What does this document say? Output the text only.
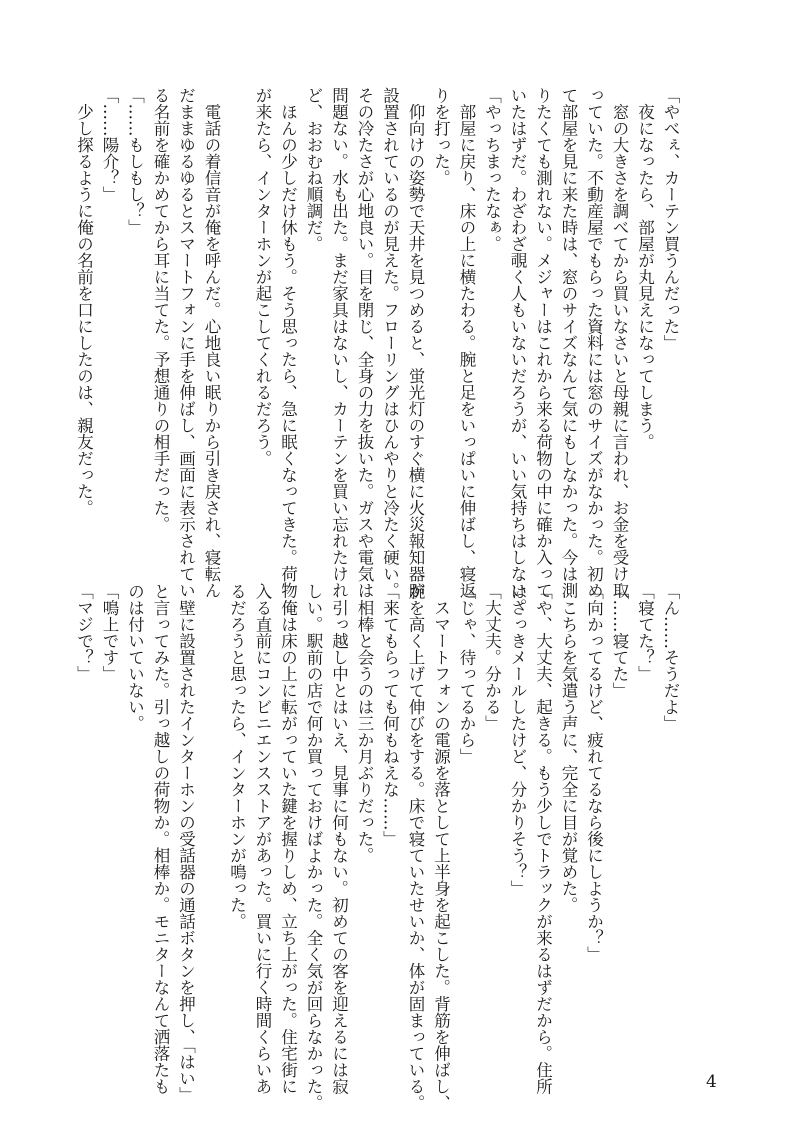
「やべぇ、カーテン買うんだった」
　夜になったら、部屋が丸見えになってしまう。
　窓の大きさを調べてから買いなさいと母親に言われ、お金を受け取
っていた。不動産屋でもらった資料には窓のサイズがなかった。初め
て部屋を見に来た時は、窓のサイズなんて気にもしなかった。今は測
りたくても測れない。メジャーはこれから来る荷物の中に確か入って
いたはずだ。わざわざ覗く人もいないだろうが、いい気持ちはしない。
「やっちまったなぁ。
　部屋に戻り、床の上に横たわる。腕と足をいっぱいに伸ばし、寝返
りを打った。
　仰向けの姿勢で天井を見つめると、蛍光灯のすぐ横に火災報知器が
設置されているのが見えた。フローリングはひんやりと冷たく硬い。
その冷たさが心地良い。目を閉じ、全身の力を抜いた。ガスや電気は
問題ない。水も出た。まだ家具はないし、カーテンを買い忘れたけれ
ど、おおむね順調だ。
　ほんの少しだけ休もう。そう思ったら、急に眠くなってきた。荷物
が来たら、インターホンが起こしてくれるだろう。

　電話の着信音が俺を呼んだ。心地良い眠りから引き戻され、寝転ん
だままゆるゆるとスマートフォンに手を伸ばし、画面に表示されてい
る名前を確かめてから耳に当てた。予想通りの相手だった。
「……もしもし？」
「……陽介？」
　少し探るように俺の名前を口にしたのは、親友だった。
「ん……そうだよ」
「寝てた？」
「……寝てた」
「向かってるけど、疲れてるなら後にしようか？」
　こちらを気遣う声に、完全に目が覚めた。
「や、大丈夫、起きる。もう少しでトラックが来るはずだから。住所
はさっきメールしたけど、分かりそう？」
「大丈夫。分かる」
「じゃ、待ってるから」
　スマートフォンの電源を落として上半身を起こした。背筋を伸ばし、
腕を高く上げて伸びをする。床で寝ていたせいか、体が固まっている。
「来てもらっても何もねえな……」
　相棒と会うのは三か月ぶりだった。
　引っ越し中とはいえ、見事に何もない。初めての客を迎えるには寂
しい。駅前の店で何か買っておけばよかった。全く気が回らなかった。
　俺は床の上に転がっていた鍵を握りしめ、立ち上がった。住宅街に
入る直前にコンビニエンスストアがあった。買いに行く時間くらいあ
るだろうと思ったら、インターホンが鳴った。

　壁に設置されたインターホンの受話器の通話ボタンを押し、「はい」
と言ってみた。引っ越しの荷物か。相棒か。モニターなんて洒落たも
のは付いていない。
「鳴上です」
「マジで？」
4
